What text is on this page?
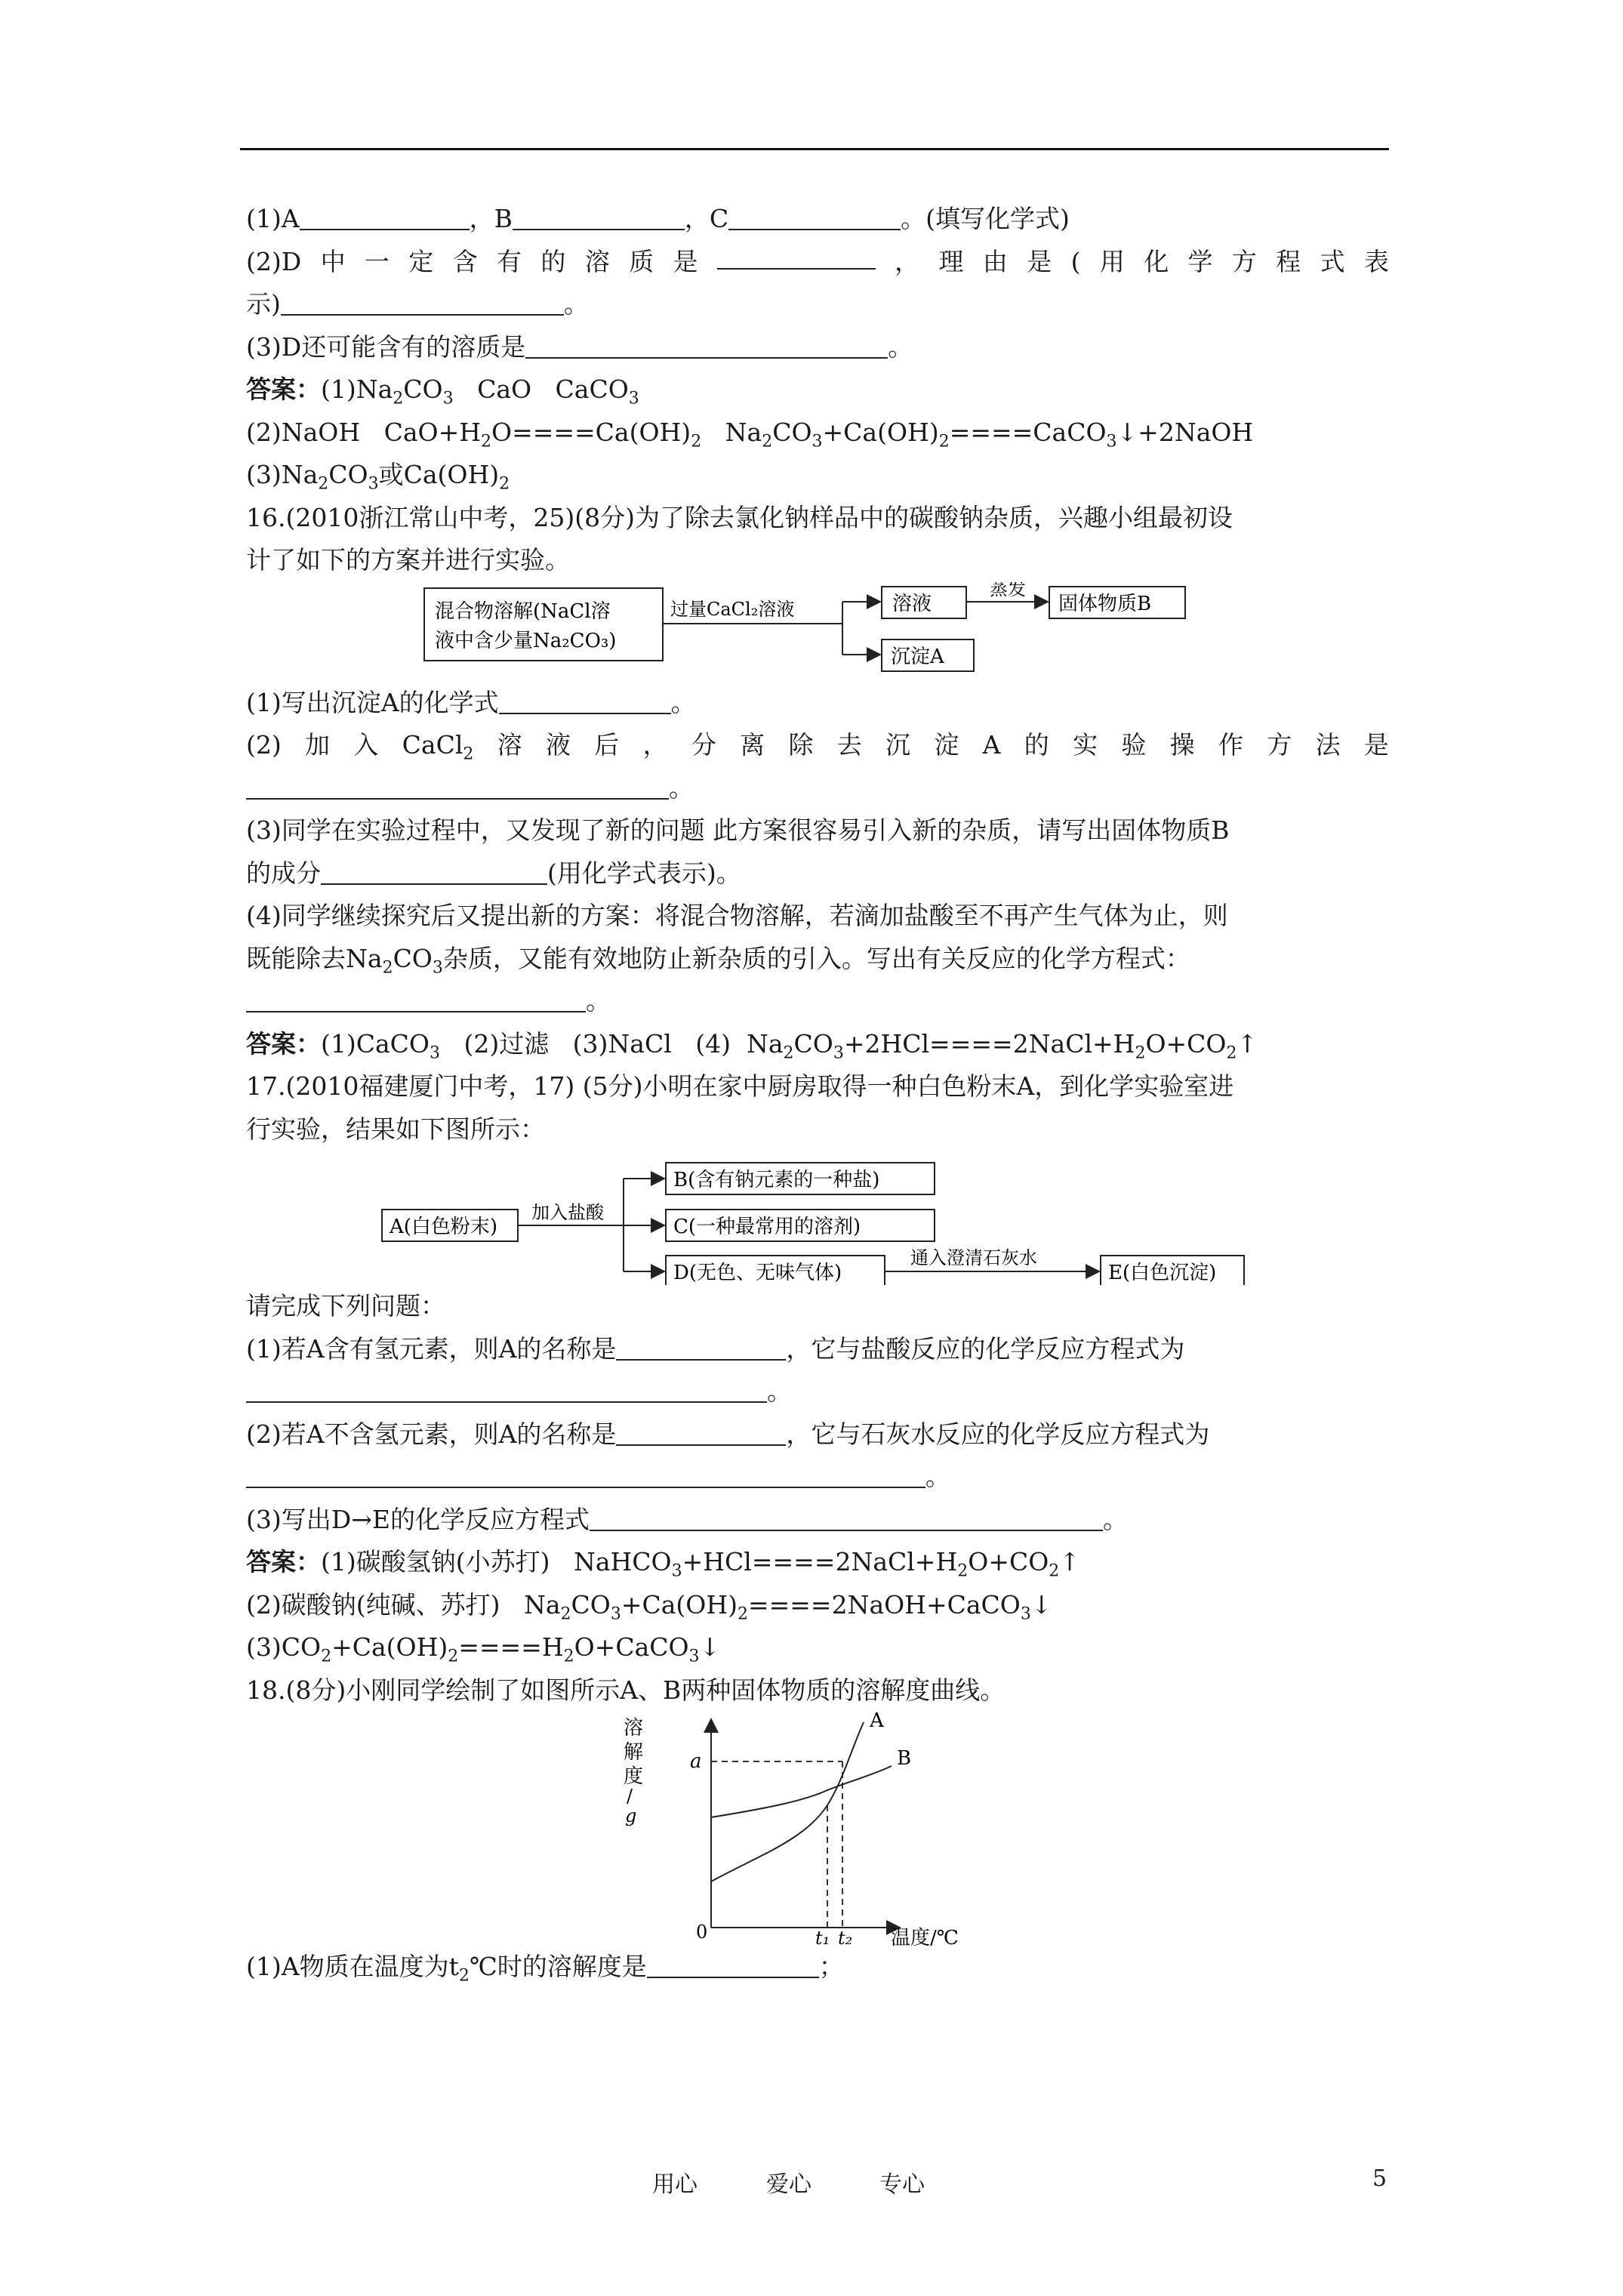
(1)A	，B	，C	。(填写化学式)
(2)D 中 一 定 含 有 的 溶 质 是	， 理 由 是 ( 用 化 学 方 程 式 表
示)	。
(3)D还可能含有的溶质是	。
答案：$(1)Na_2CO_3$   CaO   CaCO$_3$
(2)NaOH   $CaO+H_2O====Ca(OH)_2$   $Na_2CO_3+Ca(OH)_2====CaCO_3↓+2NaOH$
$(3)Na_2CO_3$或$Ca(OH)_2$
16.(2010浙江常山中考，25)(8分)为了除去氯化钠样品中的碳酸钠杂质，兴趣小组最初设
计了如下的方案并进行实验。
混合物溶解(NaCl溶
液中含少量Na₂CO₃)
过量CaCl₂溶液	溶液
沉淀A
蒸发
固体物质B
(1)写出沉淀A的化学式	。
(2) 加 入 CaCl$_2$ 溶 液 后 ， 分 离 除 去 沉 淀 A 的 实 验 操 作 方 法 是
。
(3)同学在实验过程中，又发现了新的问题 此方案很容易引入新的杂质，请写出固体物质B
的成分	(用化学式表示)。
(4)同学继续探究后又提出新的方案：将混合物溶解，若滴加盐酸至不再产生气体为止，则
既能除去$Na_2CO_3$杂质，又能有效地防止新杂质的引入。写出有关反应的化学方程式：
。
答案：(1)CaCO$_3$   (2)过滤   (3)NaCl   (4)  $Na_2CO_3+2HCl====2NaCl+H_2O+CO_2↑$
17.(2010福建厦门中考，17) (5分)小明在家中厨房取得一种白色粉末A，到化学实验室进
行实验，结果如下图所示：
A(白色粉末)
加入盐酸
B(含有钠元素的一种盐)
C(一种最常用的溶剂)
D(无色、无味气体)
通入澄清石灰水
E(白色沉淀)
请完成下列问题：
(1)若A含有氢元素，则A的名称是	，它与盐酸反应的化学反应方程式为
。
(2)若A不含氢元素，则A的名称是	，它与石灰水反应的化学反应方程式为
。
(3)写出D→E的化学反应方程式	。
答案：(1)碳酸氢钠(小苏打)   $NaHCO_3+HCl====2NaCl+H_2O+CO_2↑$
(2)碳酸钠(纯碱、苏打)   $Na_2CO_3+Ca(OH)_2====2NaOH+CaCO_3↓$
$(3)CO_2+Ca(OH)_2====H_2O+CaCO_3↓$
18.(8分)小刚同学绘制了如图所示A、B两种固体物质的溶解度曲线。
溶
解
度
/
g
a	B
A
0	t₁ t₂ 温度/℃
(1)A物质在温度为$t_2℃$时的溶解度是	；
用心	爱心	专心	5
